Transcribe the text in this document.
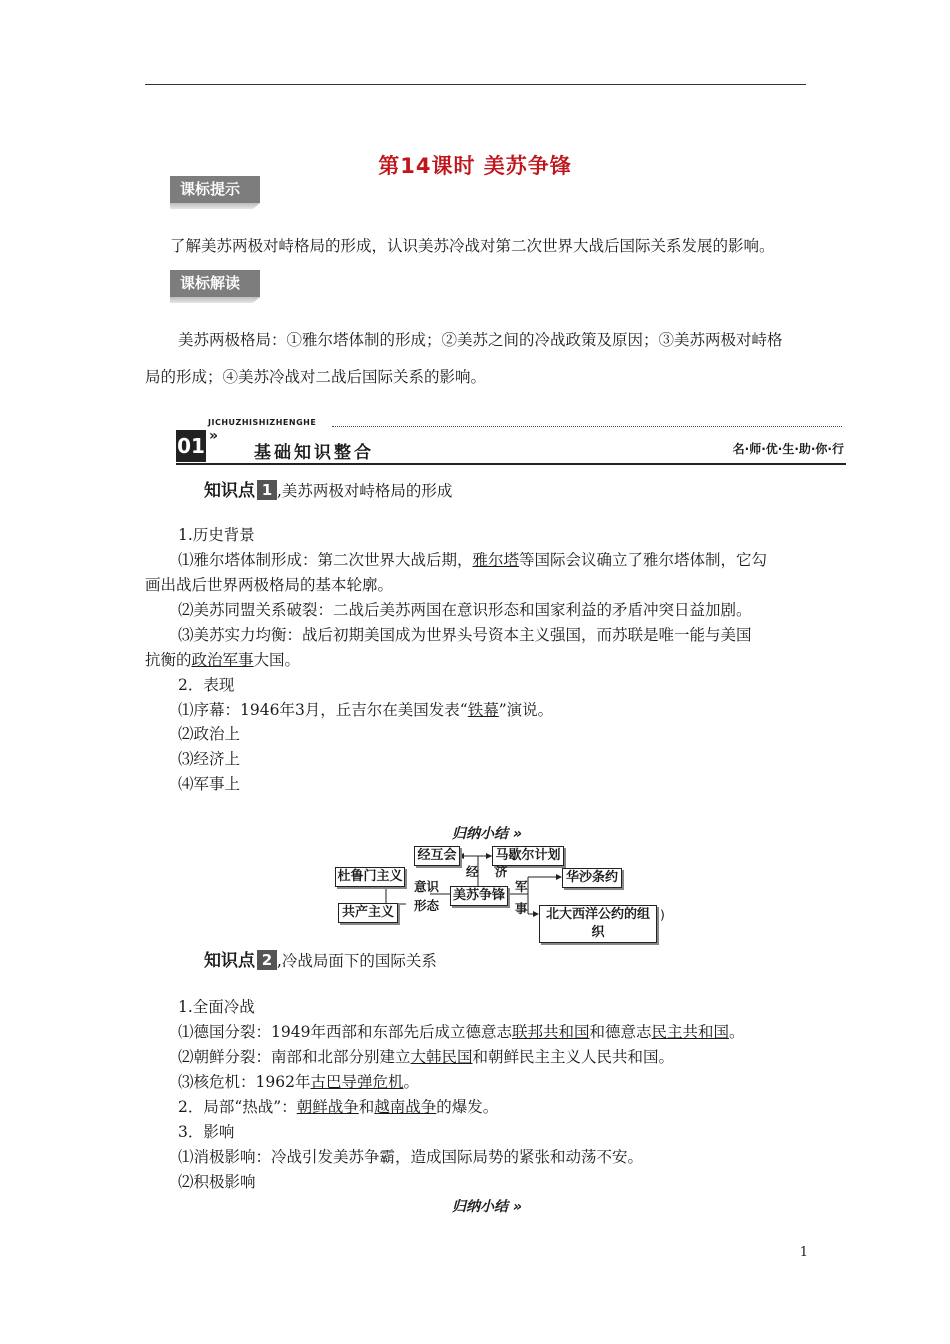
第14课时 美苏争锋
课标提示
了解美苏两极对峙格局的形成，认识美苏冷战对第二次世界大战后国际关系发展的影响。
课标解读
美苏两极格局：①雅尔塔体制的形成；②美苏之间的冷战政策及原因；③美苏两极对峙格
局的形成；④美苏冷战对二战后国际关系的影响。
JICHUZHISHIZHENGHE
01 »
基础知识整合	名·师·优·生·助·你·行
知识点 1 ,美苏两极对峙格局的形成
1.历史背景
⑴雅尔塔体制形成：第二次世界大战后期，雅尔塔等国际会议确立了雅尔塔体制，它勾
画出战后世界两极格局的基本轮廓。
⑵美苏同盟关系破裂：二战后美苏两国在意识形态和国家利益的矛盾冲突日益加剧。
⑶美苏实力均衡：战后初期美国成为世界头号资本主义强国，而苏联是唯一能与美国
抗衡的政治军事大国。
2．表现
⑴序幕：1946年3月，丘吉尔在美国发表“铁幕”演说。
⑵政治上
⑶经济上
⑷军事上
归纳小结 »
经互会	马歇尔计划
经 济
杜鲁门主义
共产主义
意识
形态
美苏争锋
军
事
华沙条约
北大西洋公约的组织
)
知识点 2 ,冷战局面下的国际关系
1.全面冷战
⑴德国分裂：1949年西部和东部先后成立德意志联邦共和国和德意志民主共和国。
⑵朝鲜分裂：南部和北部分别建立大韩民国和朝鲜民主主义人民共和国。
⑶核危机：1962年古巴导弹危机。
2．局部“热战”：朝鲜战争和越南战争的爆发。
3．影响
⑴消极影响：冷战引发美苏争霸，造成国际局势的紧张和动荡不安。
⑵积极影响
归纳小结 »
1
